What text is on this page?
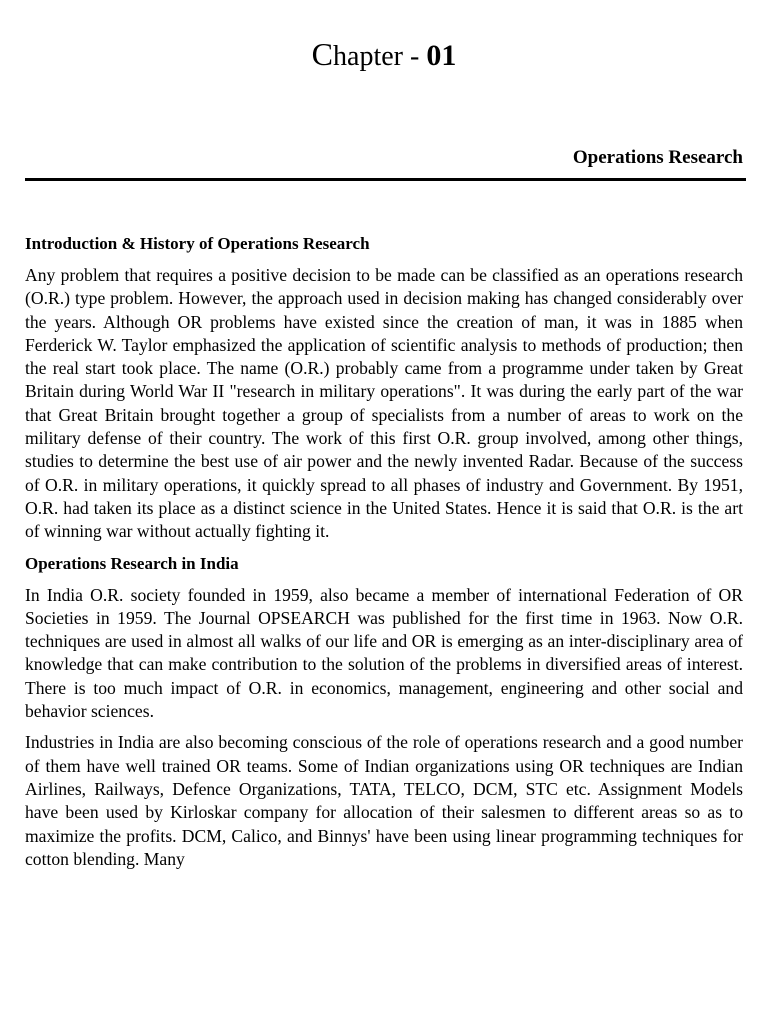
Chapter - 01
Operations Research
Introduction & History of Operations Research

Any problem that requires a positive decision to be made can be classified as an operations research (O.R.) type problem. However, the approach used in decision making has changed considerably over the years. Although OR problems have existed since the creation of man, it was in 1885 when Ferderick W. Taylor emphasized the application of scientific analysis to methods of production; then the real start took place. The name (O.R.) probably came from a programme under taken by Great Britain during World War II "research in military operations". It was during the early part of the war that Great Britain brought together a group of specialists from a number of areas to work on the military defense of their country. The work of this first O.R. group involved, among other things, studies to determine the best use of air power and the newly invented Radar. Because of the success of O.R. in military operations, it quickly spread to all phases of industry and Government. By 1951, O.R. had taken its place as a distinct science in the United States. Hence it is said that O.R. is the art of winning war without actually fighting it.

Operations Research in India

In India O.R. society founded in 1959, also became a member of international Federation of OR Societies in 1959. The Journal OPSEARCH was published for the first time in 1963. Now O.R. techniques are used in almost all walks of our life and OR is emerging as an inter-disciplinary area of knowledge that can make contribution to the solution of the problems in diversified areas of interest. There is too much impact of O.R. in economics, management, engineering and other social and behavior sciences.

Industries in India are also becoming conscious of the role of operations research and a good number of them have well trained OR teams. Some of Indian organizations using OR techniques are Indian Airlines, Railways, Defence Organizations, TATA, TELCO, DCM, STC etc. Assignment Models have been used by Kirloskar company for allocation of their salesmen to different areas so as to maximize the profits. DCM, Calico, and Binnys' have been using linear programming techniques for cotton blending. Many
